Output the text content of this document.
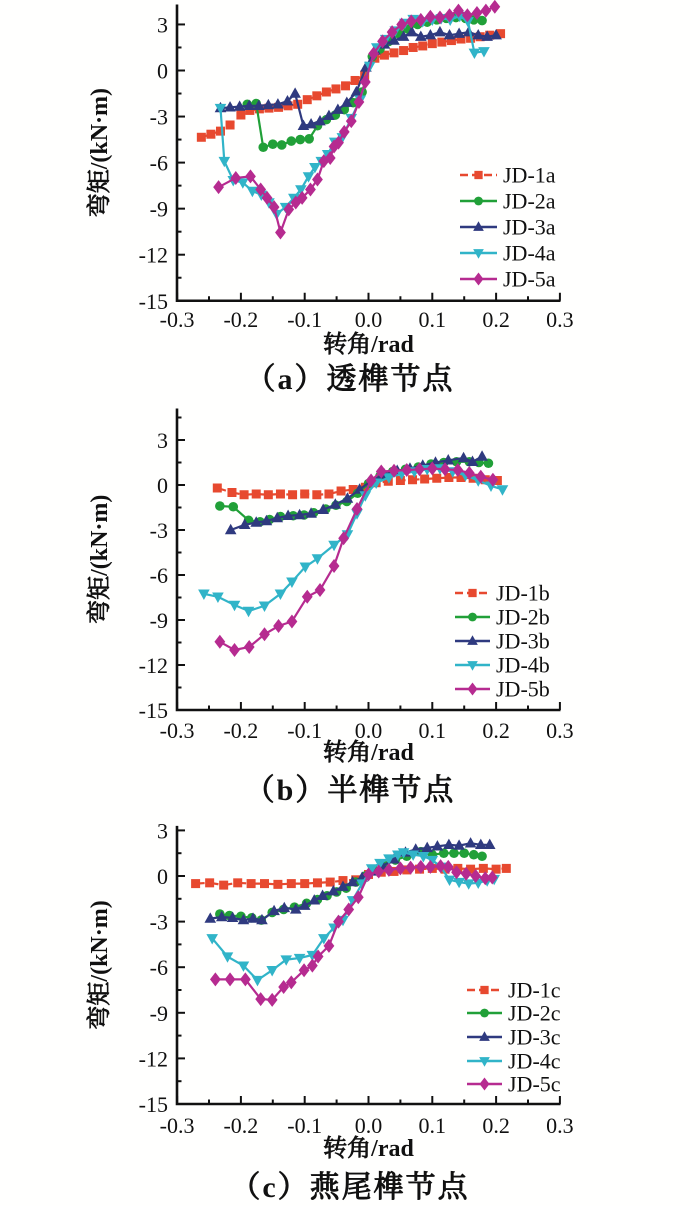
-0.3 -0.2 -0.1 0.0 0.1 0.2 0.3
-15
-12
-9
-6
-3
0
3
转角/rad
弯矩/(kN·m)	JD-1a
JD-2a
JD-3a
JD-4a
JD-5a
-0.3 -0.2 -0.1 0.0 0.1 0.2 0.3
-15
-12
-9
-6
-3
0
3
转角/rad
弯矩/(kN·m)	JD-1b
JD-2b
JD-3b
JD-4b
JD-5b
-0.3 -0.2 -0.1 0.0 0.1 0.2 0.3
-15
-12
-9
-6
-3
0
3
转角/rad
弯矩/(kN·m)	JD-1c
JD-2c
JD-3c
JD-4c
JD-5c
（a）透榫节点
（b）半榫节点
（c）燕尾榫节点
